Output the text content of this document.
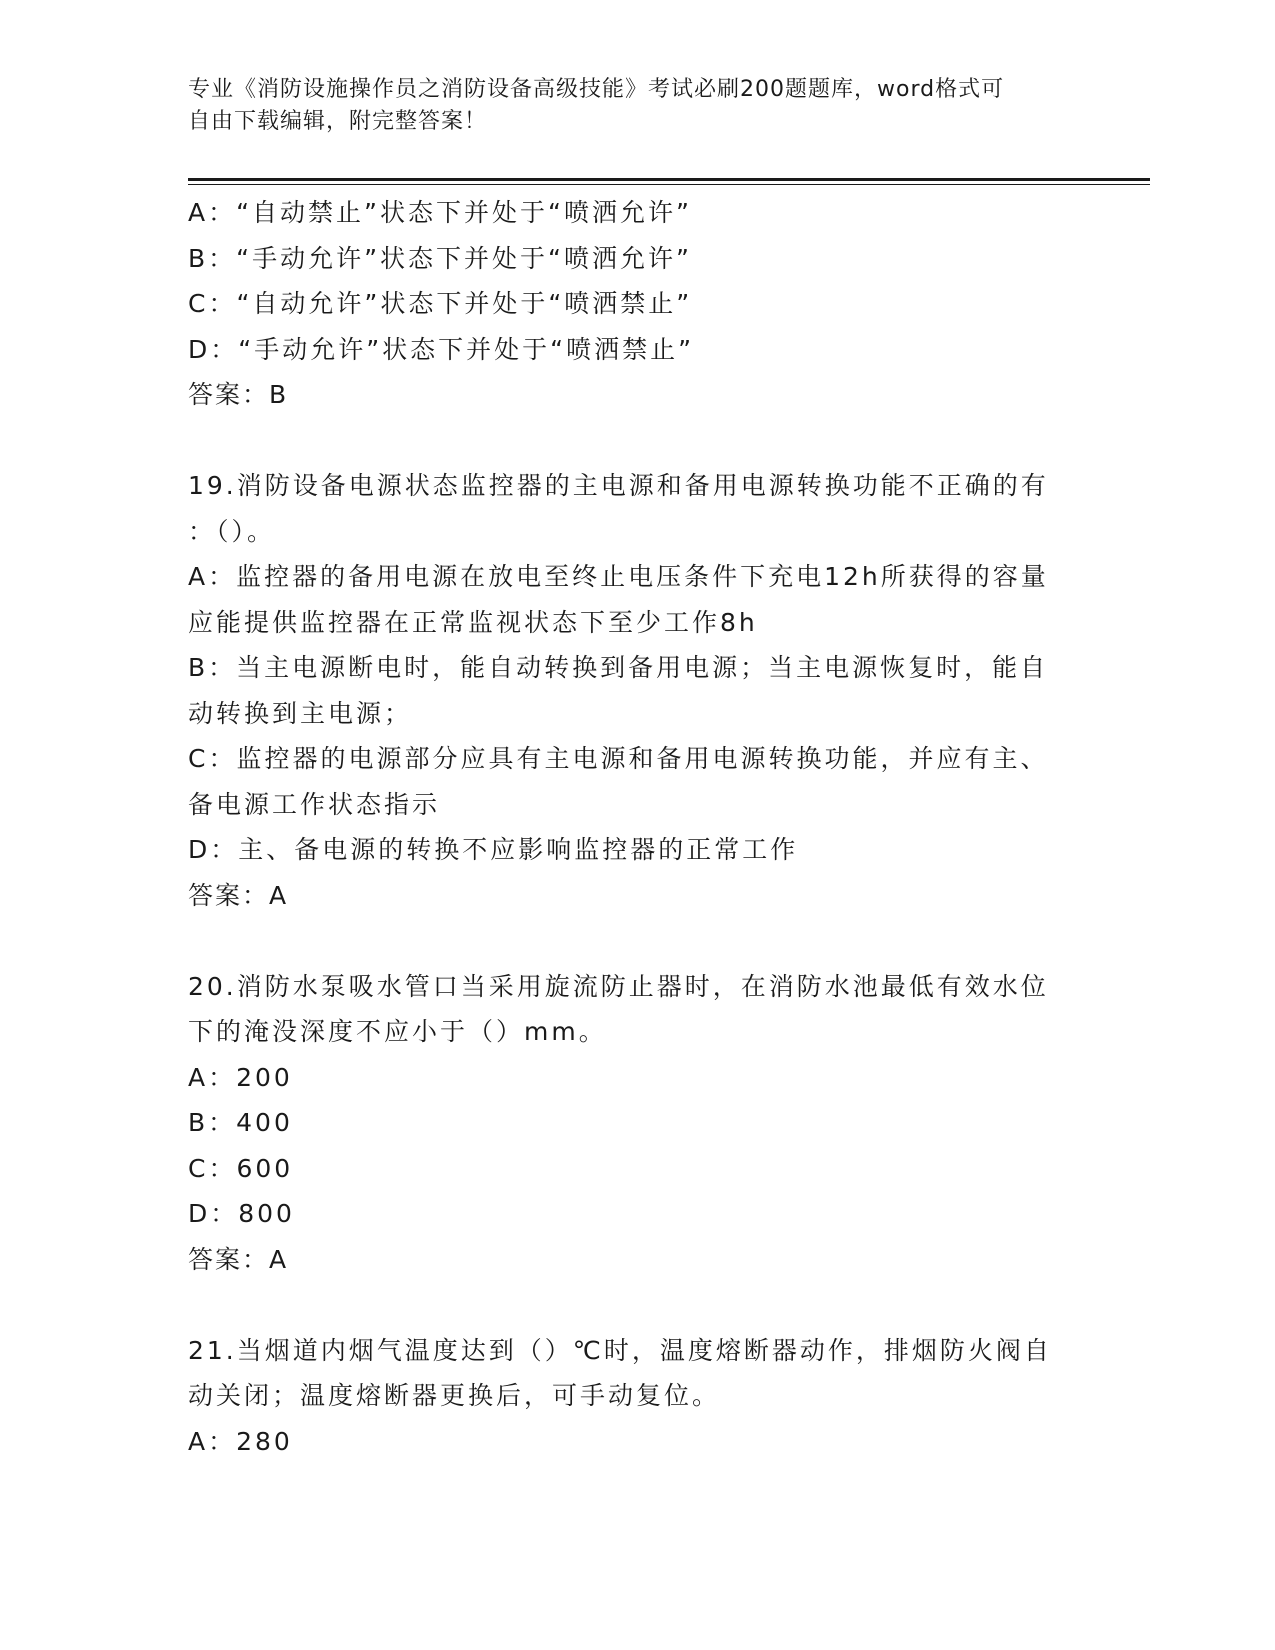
专业《消防设施操作员之消防设备高级技能》考试必刷200题题库，word格式可
自由下载编辑，附完整答案！
A：“自动禁止”状态下并处于“喷洒允许”
B：“手动允许”状态下并处于“喷洒允许”
C：“自动允许”状态下并处于“喷洒禁止”
D：“手动允许”状态下并处于“喷洒禁止”
答案：B
19.消防设备电源状态监控器的主电源和备用电源转换功能不正确的有
：（）。
A：监控器的备用电源在放电至终止电压条件下充电12h所获得的容量
应能提供监控器在正常监视状态下至少工作8h
B：当主电源断电时，能自动转换到备用电源；当主电源恢复时，能自
动转换到主电源；
C：监控器的电源部分应具有主电源和备用电源转换功能，并应有主、
备电源工作状态指示
D：主、备电源的转换不应影响监控器的正常工作
答案：A
20.消防水泵吸水管口当采用旋流防止器时，在消防水池最低有效水位
下的淹没深度不应小于（）mm。
A：200
B：400
C：600
D：800
答案：A
21.当烟道内烟气温度达到（）℃时，温度熔断器动作，排烟防火阀自
动关闭；温度熔断器更换后，可手动复位。
A：280
